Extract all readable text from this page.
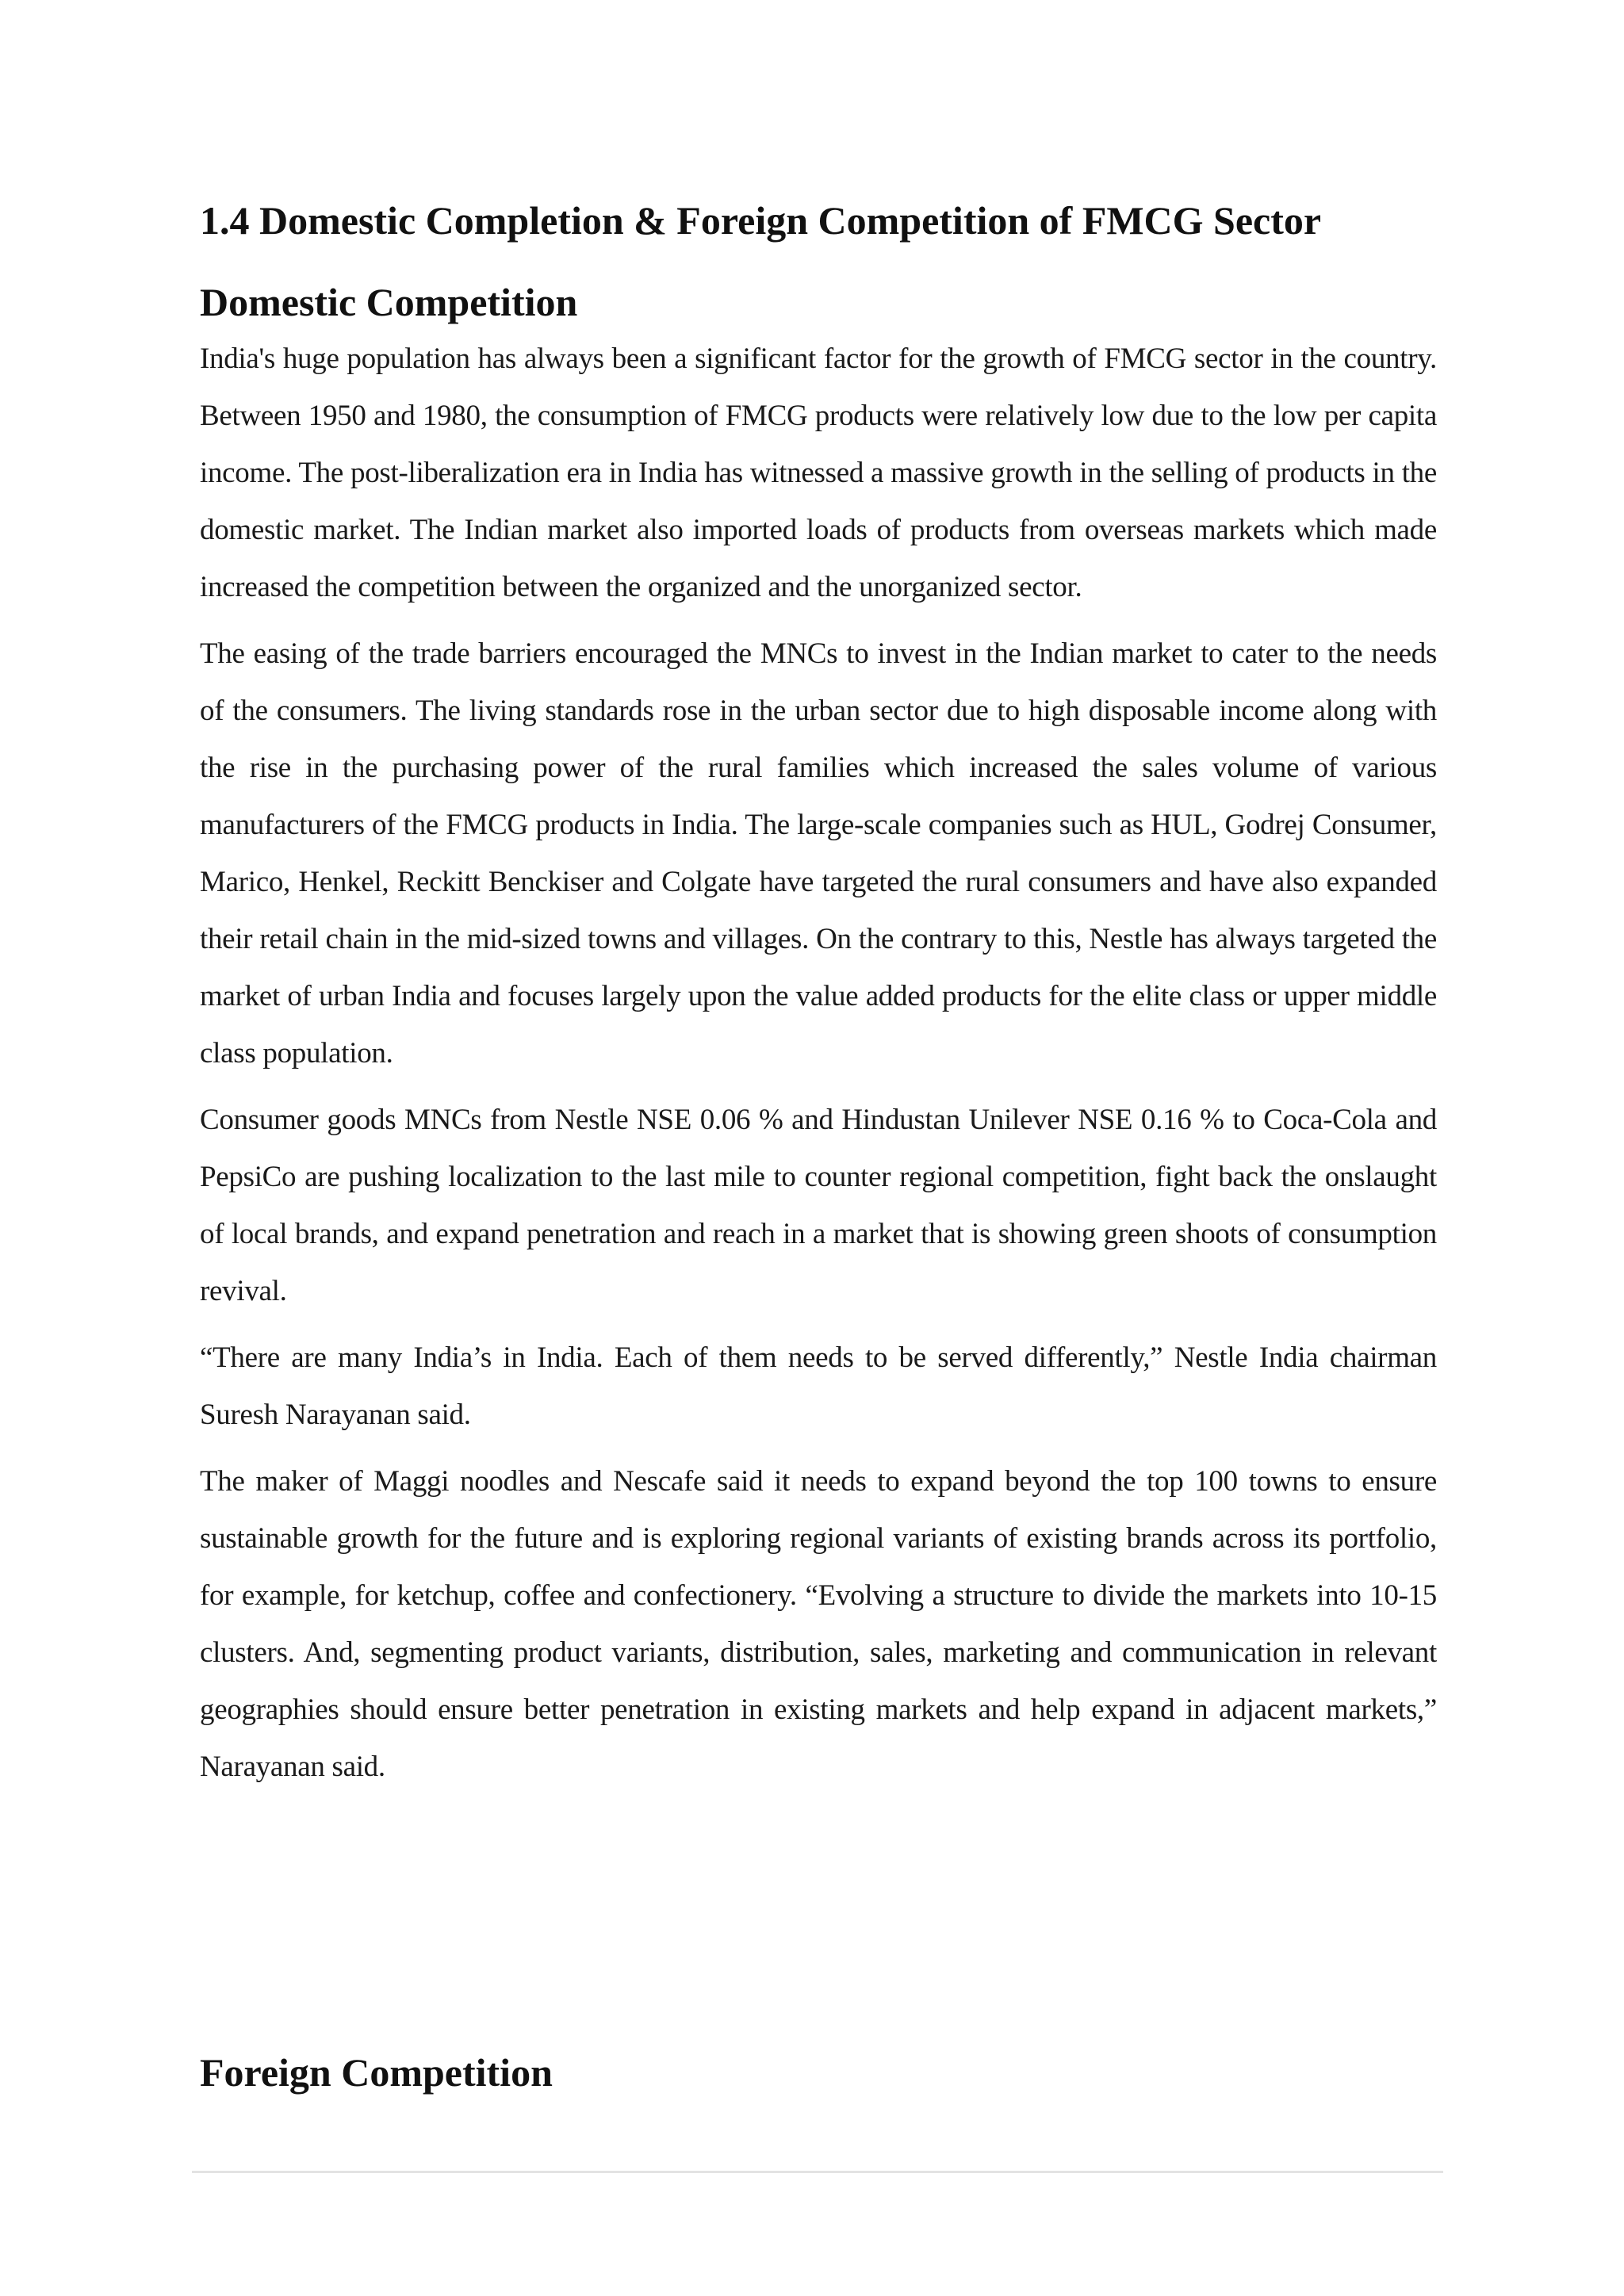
1.4 Domestic Completion & Foreign Competition of FMCG Sector
Domestic Competition

India's huge population has always been a significant factor for the growth of FMCG sector in the country. Between 1950 and 1980, the consumption of FMCG products were relatively low due to the low per capita income. The post-liberalization era in India has witnessed a massive growth in the selling of products in the domestic market. The Indian market also imported loads of products from overseas markets which made increased the competition between the organized and the unorganized sector.

The easing of the trade barriers encouraged the MNCs to invest in the Indian market to cater to the needs of the consumers. The living standards rose in the urban sector due to high disposable income along with the rise in the purchasing power of the rural families which increased the sales volume of various manufacturers of the FMCG products in India. The large-scale companies such as HUL, Godrej Consumer, Marico, Henkel, Reckitt Benckiser and Colgate have targeted the rural consumers and have also expanded their retail chain in the mid-sized towns and villages. On the contrary to this, Nestle has always targeted the market of urban India and focuses largely upon the value added products for the elite class or upper middle class population.

Consumer goods MNCs from Nestle NSE 0.06 % and Hindustan Unilever NSE 0.16 % to Coca-Cola and PepsiCo are pushing localization to the last mile to counter regional competition, fight back the onslaught of local brands, and expand penetration and reach in a market that is showing green shoots of consumption revival.

“There are many India’s in India. Each of them needs to be served differently,” Nestle India chairman Suresh Narayanan said.

The maker of Maggi noodles and Nescafe said it needs to expand beyond the top 100 towns to ensure sustainable growth for the future and is exploring regional variants of existing brands across its portfolio, for example, for ketchup, coffee and confectionery. “Evolving a structure to divide the markets into 10-15 clusters. And, segmenting product variants, distribution, sales, marketing and communication in relevant geographies should ensure better penetration in existing markets and help expand in adjacent markets,” Narayanan said.

Foreign Competition
